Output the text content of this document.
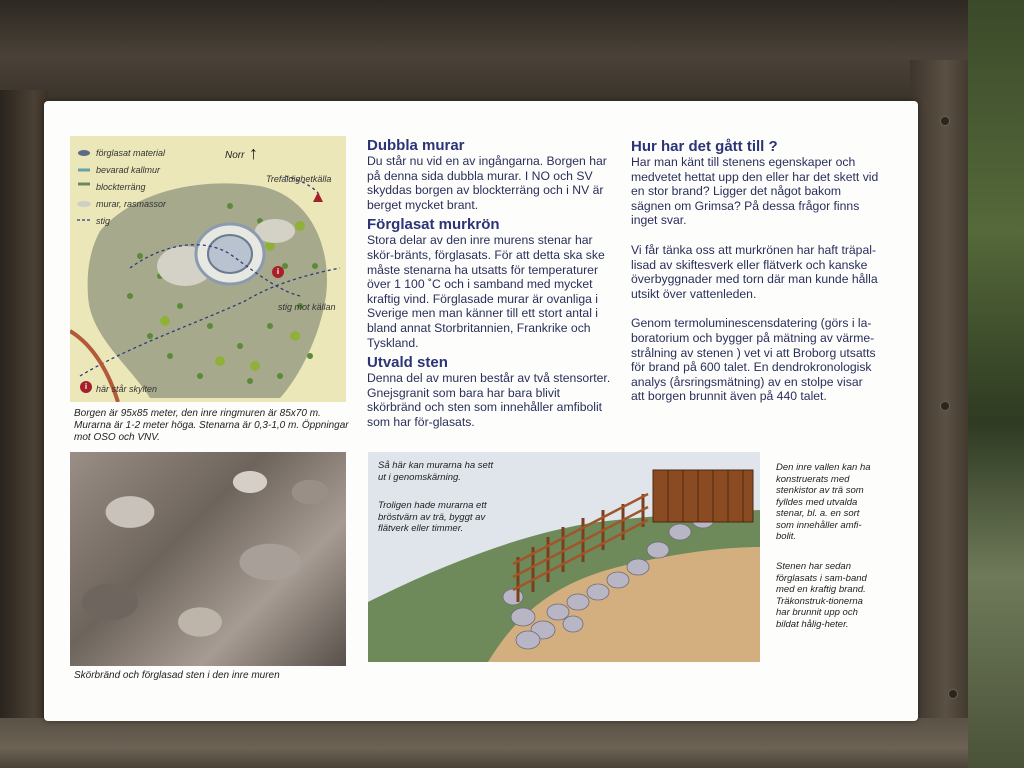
förglasat material
bevarad kallmur
blockterräng
murar, rasmassor
stig
Norr ↑
Trefaldighetkälla
stig mot källan
här står skylten
i
i
Borgen är 95x85 meter, den inre ringmuren är 85x70 m. Murarna är 1-2 meter höga. Stenarna är 0,3-1,0 m. Öppningar mot OSO och VNV.
Dubbla murar

Du står nu vid en av ingångarna. Borgen har på denna sida dubbla murar. I NO och SV skyddas borgen av blockterräng och i NV är berget mycket brant.

Förglasat murkrön

Stora delar av den inre murens stenar har skör-bränts, förglasats. För att detta ska ske måste stenarna ha utsatts för temperaturer över 1 100 ˚C och i samband med mycket kraftig vind. Förglasade murar är ovanliga i Sverige men man känner till ett stort antal i bland annat Storbritannien, Frankrike och Tyskland.

Utvald sten

Denna del av muren består av två stensorter. Gnejsgranit som bara har bara blivit skörbränd och sten som innehåller amfibolit som har för-glasats.

Hur har det gått till ?

Har man känt till stenens egenskaper och medvetet hettat upp den eller har det skett vid en stor brand? Ligger det något bakom sägnen om Grimsa? På dessa frågor finns inget svar.

Vi får tänka oss att murkrönen har haft träpal-lisad av skiftesverk eller flätverk och kanske överbyggnader med torn där man kunde hålla utsikt över vattenleden.

Genom termoluminescensdatering (görs i la-boratorium och bygger på mätning av värme-strålning av stenen ) vet vi att Broborg utsatts för brand på 600 talet. En dendrokronologisk analys (årsringsmätning) av en stolpe visar att borgen brunnit även på 440 talet.

Skörbränd och förglasad sten i den inre muren
Så här kan murarna ha sett ut i genomskärning.
Troligen hade murarna ett bröstvärn av trä, byggt av flätverk eller timmer.
Den inre vallen kan ha konstruerats med stenkistor av trä som fylldes med utvalda stenar, bl. a. en sort som innehåller amfi-bolit.
Stenen har sedan förglasats i sam-band med en kraftig brand. Träkonstruk-tionerna har brunnit upp och bildat hålig-heter.
